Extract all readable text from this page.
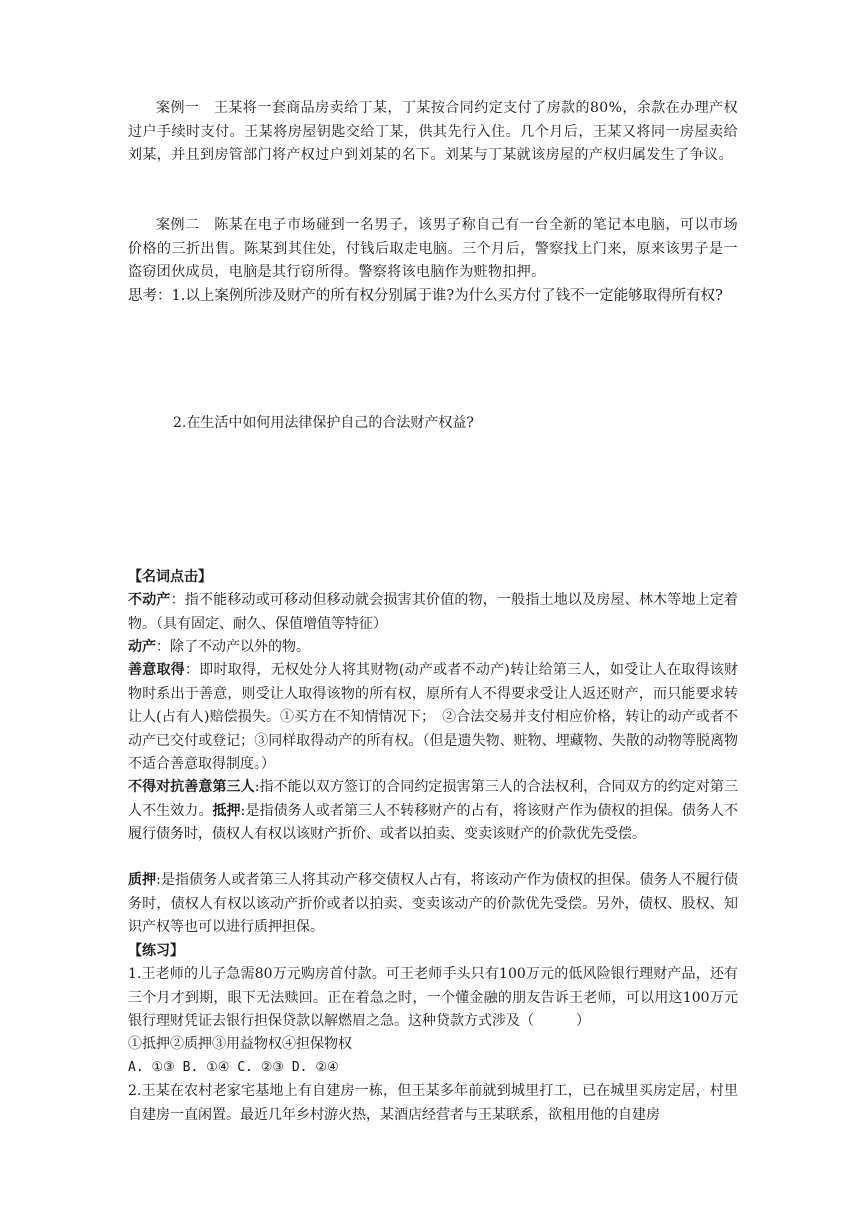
案例一　王某将一套商品房卖给丁某，丁某按合同约定支付了房款的80%，余款在办理产权过户手续时支付。王某将房屋钥匙交给丁某，供其先行入住。几个月后，王某又将同一房屋卖给刘某，并且到房管部门将产权过户到刘某的名下。刘某与丁某就该房屋的产权归属发生了争议。

案例二　陈某在电子市场碰到一名男子，该男子称自己有一台全新的笔记本电脑，可以市场价格的三折出售。陈某到其住处，付钱后取走电脑。三个月后，警察找上门来，原来该男子是一盗窃团伙成员，电脑是其行窃所得。警察将该电脑作为赃物扣押。

思考：1.以上案例所涉及财产的所有权分别属于谁?为什么买方付了钱不一定能够取得所有权?

2.在生活中如何用法律保护自己的合法财产权益?

【名词点击】

不动产：指不能移动或可移动但移动就会损害其价值的物，一般指土地以及房屋、林木等地上定着物。（具有固定、耐久、保值增值等特征）

动产：除了不动产以外的物。

善意取得：即时取得，无权处分人将其财物(动产或者不动产)转让给第三人，如受让人在取得该财物时系出于善意，则受让人取得该物的所有权，原所有人不得要求受让人返还财产，而只能要求转让人(占有人)赔偿损失。①买方在不知情情况下；　②合法交易并支付相应价格，转让的动产或者不动产已交付或登记；③同样取得动产的所有权。（但是遗失物、赃物、埋藏物、失散的动物等脱离物不适合善意取得制度。）

不得对抗善意第三人:指不能以双方签订的合同约定损害第三人的合法权利，合同双方的约定对第三人不生效力。抵押:是指债务人或者第三人不转移财产的占有，将该财产作为债权的担保。债务人不履行债务时，债权人有权以该财产折价、或者以拍卖、变卖该财产的价款优先受偿。

质押:是指债务人或者第三人将其动产移交债权人占有，将该动产作为债权的担保。债务人不履行债务时，债权人有权以该动产折价或者以拍卖、变卖该动产的价款优先受偿。另外，债权、股权、知识产权等也可以进行质押担保。

【练习】

1.王老师的儿子急需80万元购房首付款。可王老师手头只有100万元的低风险银行理财产品，还有三个月才到期，眼下无法赎回。正在着急之时，一个懂金融的朋友告诉王老师，可以用这100万元银行理财凭证去银行担保贷款以解燃眉之急。这种贷款方式涉及（　　　）

①抵押②质押③用益物权④担保物权

A. ①③ B. ①④ C. ②③ D. ②④

2.王某在农村老家宅基地上有自建房一栋，但王某多年前就到城里打工，已在城里买房定居，村里自建房一直闲置。最近几年乡村游火热，某酒店经营者与王某联系，欲租用他的自建房
